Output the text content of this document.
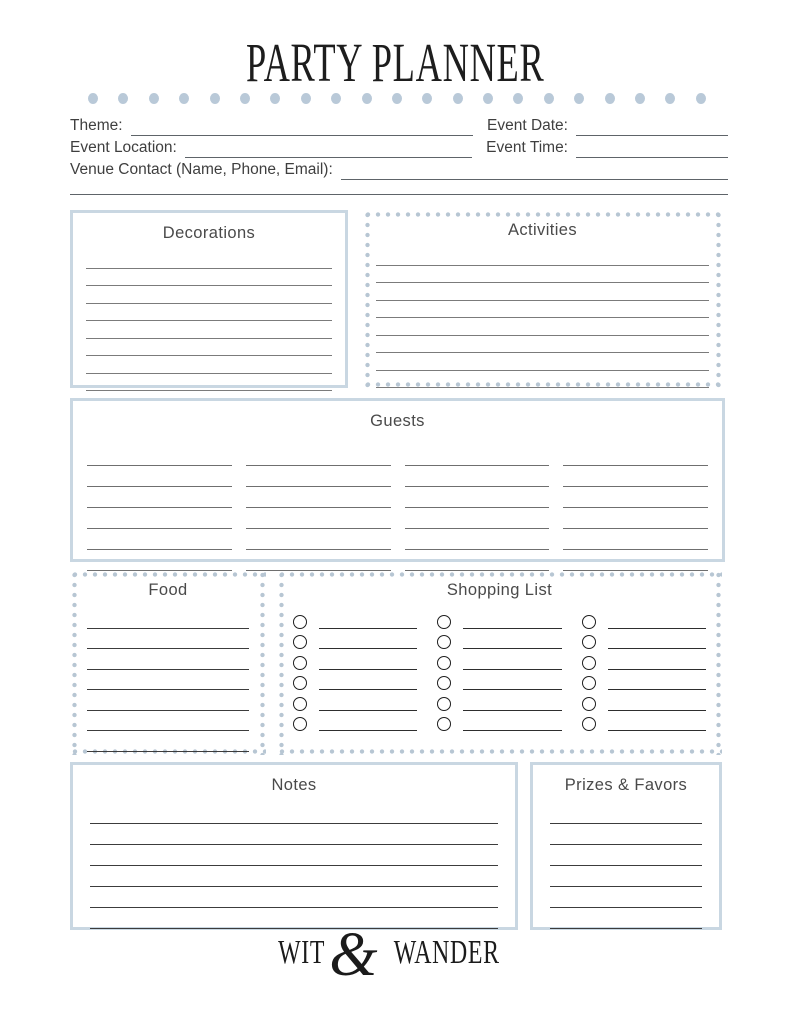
PARTY PLANNER
Theme:	Event Date:
Event Location:	Event Time:
Venue Contact (Name, Phone, Email):
Decorations	Activities
Guests
Food	Shopping List
Notes	Prizes & Favors
WIT & WANDER
